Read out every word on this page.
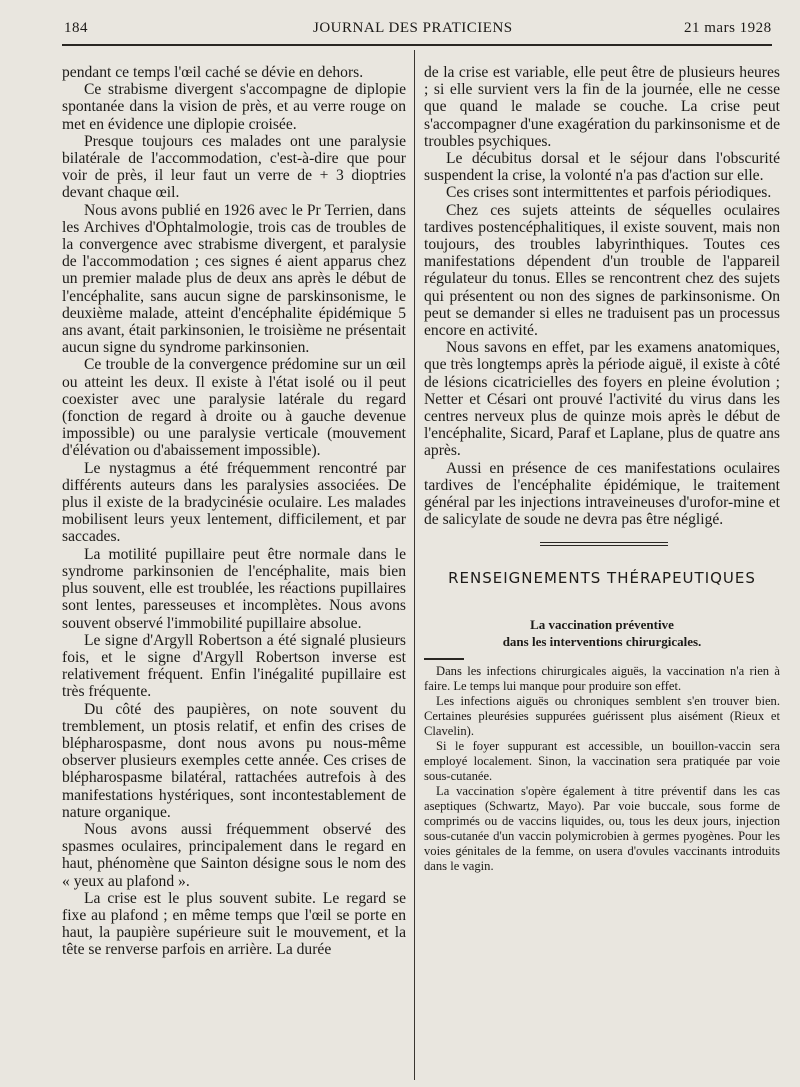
184	JOURNAL DES PRATICIENS	21 mars 1928

pendant ce temps l'œil caché se dévie en dehors.

Ce strabisme divergent s'accompagne de diplopie spontanée dans la vision de près, et au verre rouge on met en évidence une diplopie croisée.

Presque toujours ces malades ont une paralysie bilatérale de l'accommodation, c'est-à-dire que pour voir de près, il leur faut un verre de + 3 dioptries devant chaque œil.

Nous avons publié en 1926 avec le Pr Terrien, dans les Archives d'Ophtalmologie, trois cas de troubles de la convergence avec strabisme divergent, et paralysie de l'accommodation ; ces signes é aient apparus chez un premier malade plus de deux ans après le début de l'encéphalite, sans aucun signe de parskinsonisme, le deuxième malade, atteint d'encéphalite épidémique 5 ans avant, était parkinsonien, le troisième ne présentait aucun signe du syndrome parkinsonien.

Ce trouble de la convergence prédomine sur un œil ou atteint les deux. Il existe à l'état isolé ou il peut coexister avec une paralysie latérale du regard (fonction de regard à droite ou à gauche devenue impossible) ou une paralysie verticale (mouvement d'élévation ou d'abaissement impossible).

Le nystagmus a été fréquemment rencontré par différents auteurs dans les paralysies associées. De plus il existe de la bradycinésie oculaire. Les malades mobilisent leurs yeux lentement, difficilement, et par saccades.

La motilité pupillaire peut être normale dans le syndrome parkinsonien de l'encéphalite, mais bien plus souvent, elle est troublée, les réactions pupillaires sont lentes, paresseuses et incomplètes. Nous avons souvent observé l'immobilité pupillaire absolue.

Le signe d'Argyll Robertson a été signalé plusieurs fois, et le signe d'Argyll Robertson inverse est relativement fréquent. Enfin l'inégalité pupillaire est très fréquente.

Du côté des paupières, on note souvent du tremblement, un ptosis relatif, et enfin des crises de blépharospasme, dont nous avons pu nous-même observer plusieurs exemples cette année. Ces crises de blépharospasme bilatéral, rattachées autrefois à des manifestations hystériques, sont incontestablement de nature organique.

Nous avons aussi fréquemment observé des spasmes oculaires, principalement dans le regard en haut, phénomène que Sainton désigne sous le nom des « yeux au plafond ».

La crise est le plus souvent subite. Le regard se fixe au plafond ; en même temps que l'œil se porte en haut, la paupière supérieure suit le mouvement, et la tête se renverse parfois en arrière. La durée

de la crise est variable, elle peut être de plusieurs heures ; si elle survient vers la fin de la journée, elle ne cesse que quand le malade se couche. La crise peut s'accompagner d'une exagération du parkinsonisme et de troubles psychiques.

Le décubitus dorsal et le séjour dans l'obscurité suspendent la crise, la volonté n'a pas d'action sur elle.

Ces crises sont intermittentes et parfois périodiques.

Chez ces sujets atteints de séquelles oculaires tardives postencéphalitiques, il existe souvent, mais non toujours, des troubles labyrinthiques. Toutes ces manifestations dépendent d'un trouble de l'appareil régulateur du tonus. Elles se rencontrent chez des sujets qui présentent ou non des signes de parkinsonisme. On peut se demander si elles ne traduisent pas un processus encore en activité.

Nous savons en effet, par les examens anatomiques, que très longtemps après la période aiguë, il existe à côté de lésions cicatricielles des foyers en pleine évolution ; Netter et Césari ont prouvé l'activité du virus dans les centres nerveux plus de quinze mois après le début de l'encéphalite, Sicard, Paraf et Laplane, plus de quatre ans après.

Aussi en présence de ces manifestations oculaires tardives de l'encéphalite épidémique, le traitement général par les injections intraveineuses d'urofor-mine et de salicylate de soude ne devra pas être négligé.

RENSEIGNEMENTS THÉRAPEUTIQUES
La vaccination préventive
dans les interventions chirurgicales.

Dans les infections chirurgicales aiguës, la vaccination n'a rien à faire. Le temps lui manque pour produire son effet.

Les infections aiguës ou chroniques semblent s'en trouver bien. Certaines pleurésies suppurées guérissent plus aisément (Rieux et Clavelin).

Si le foyer suppurant est accessible, un bouillon-vaccin sera employé localement. Sinon, la vaccination sera pratiquée par voie sous-cutanée.

La vaccination s'opère également à titre préventif dans les cas aseptiques (Schwartz, Mayo). Par voie buccale, sous forme de comprimés ou de vaccins liquides, ou, tous les deux jours, injection sous-cutanée d'un vaccin polymicrobien à germes pyogènes. Pour les voies génitales de la femme, on usera d'ovules vaccinants introduits dans le vagin.
